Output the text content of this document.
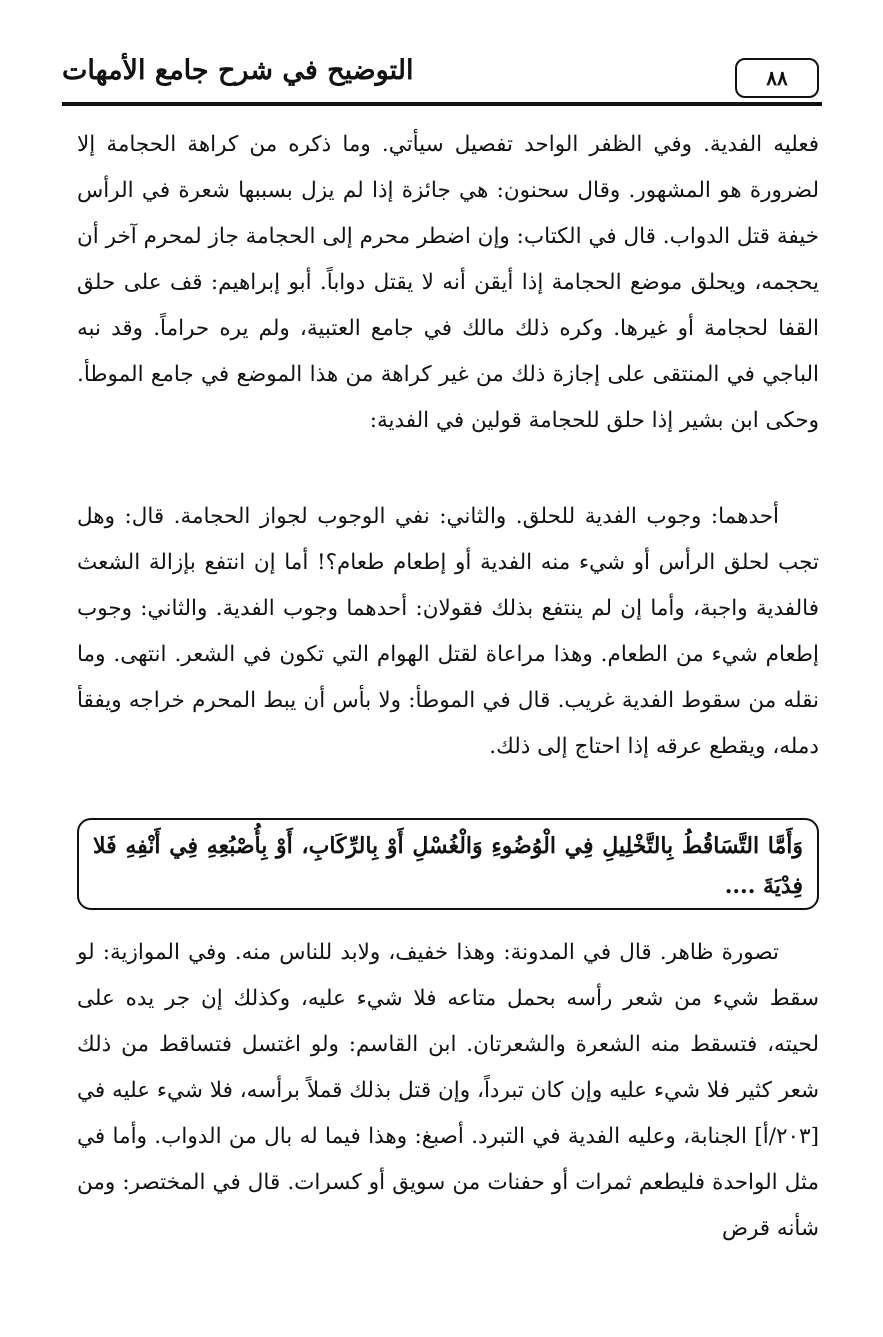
٨٨
التوضيح في شرح جامع الأمهات

فعليه الفدية. وفي الظفر الواحد تفصيل سيأتي. وما ذكره من كراهة الحجامة إلا لضرورة هو المشهور. وقال سحنون: هي جائزة إذا لم يزل بسببها شعرة في الرأس خيفة قتل الدواب. قال في الكتاب: وإن اضطر محرم إلى الحجامة جاز لمحرم آخر أن يحجمه، ويحلق موضع الحجامة إذا أيقن أنه لا يقتل دواباً. أبو إبراهيم: قف على حلق القفا لحجامة أو غيرها. وكره ذلك مالك في جامع العتبية، ولم يره حراماً. وقد نبه الباجي في المنتقى على إجازة ذلك من غير كراهة من هذا الموضع في جامع الموطأ. وحكى ابن بشير إذا حلق للحجامة قولين في الفدية:

أحدهما: وجوب الفدية للحلق. والثاني: نفي الوجوب لجواز الحجامة. قال: وهل تجب لحلق الرأس أو شيء منه الفدية أو إطعام طعام؟! أما إن انتفع بإزالة الشعث فالفدية واجبة، وأما إن لم ينتفع بذلك فقولان: أحدهما وجوب الفدية. والثاني: وجوب إطعام شيء من الطعام. وهذا مراعاة لقتل الهوام التي تكون في الشعر. انتهى. وما نقله من سقوط الفدية غريب. قال في الموطأ: ولا بأس أن يبط المحرم خراجه ويفقأ دمله، ويقطع عرقه إذا احتاج إلى ذلك.

وَأَمَّا التَّسَاقُطُ بِالتَّخْلِيلِ فِي الْوُضُوءِ وَالْغُسْلِ أَوْ بِالرِّكَابِ، أَوْ بِأُصْبُعِهِ فِي أَنْفِهِ فَلا فِدْيَةَ ....

تصورة ظاهر. قال في المدونة: وهذا خفيف، ولابد للناس منه. وفي الموازية: لو سقط شيء من شعر رأسه بحمل متاعه فلا شيء عليه، وكذلك إن جر يده على لحيته، فتسقط منه الشعرة والشعرتان. ابن القاسم: ولو اغتسل فتساقط من ذلك شعر كثير فلا شيء عليه وإن كان تبرداً، وإن قتل بذلك قملاً برأسه، فلا شيء عليه في [٢٠٣/أ] الجنابة، وعليه الفدية في التبرد. أصبغ: وهذا فيما له بال من الدواب. وأما في مثل الواحدة فليطعم ثمرات أو حفنات من سويق أو كسرات. قال في المختصر: ومن شأنه قرض
